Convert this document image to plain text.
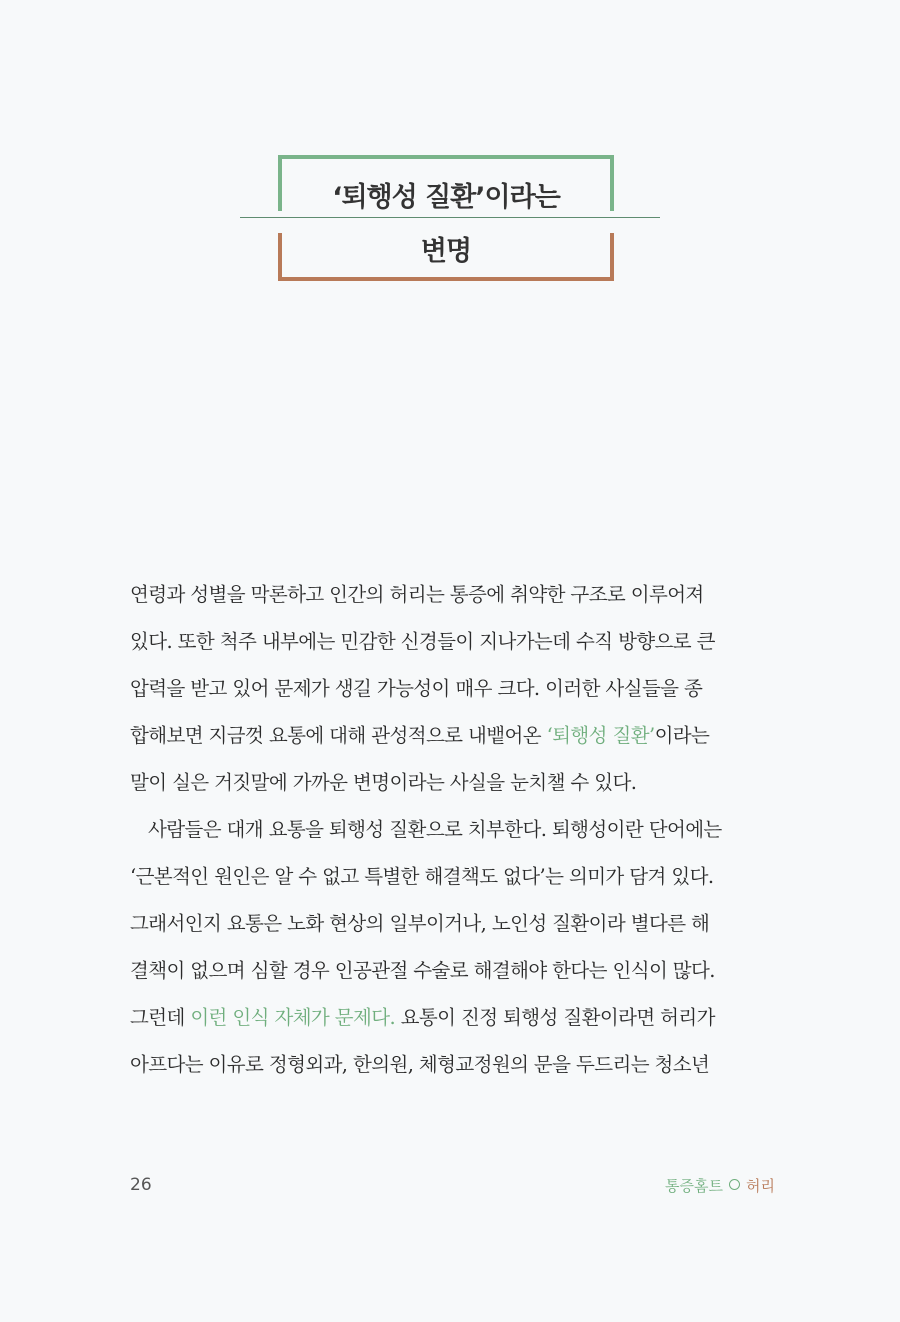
‘퇴행성 질환’이라는
변명
연령과 성별을 막론하고 인간의 허리는 통증에 취약한 구조로 이루어져
있다. 또한 척주 내부에는 민감한 신경들이 지나가는데 수직 방향으로 큰
압력을 받고 있어 문제가 생길 가능성이 매우 크다. 이러한 사실들을 종
합해보면 지금껏 요통에 대해 관성적으로 내뱉어온 ‘퇴행성 질환’이라는
말이 실은 거짓말에 가까운 변명이라는 사실을 눈치챌 수 있다.
사람들은 대개 요통을 퇴행성 질환으로 치부한다. 퇴행성이란 단어에는
‘근본적인 원인은 알 수 없고 특별한 해결책도 없다’는 의미가 담겨 있다.
그래서인지 요통은 노화 현상의 일부이거나, 노인성 질환이라 별다른 해
결책이 없으며 심할 경우 인공관절 수술로 해결해야 한다는 인식이 많다.
그런데 이런 인식 자체가 문제다. 요통이 진정 퇴행성 질환이라면 허리가
아프다는 이유로 정형외과, 한의원, 체형교정원의 문을 두드리는 청소년
26	통증홈트 허리
